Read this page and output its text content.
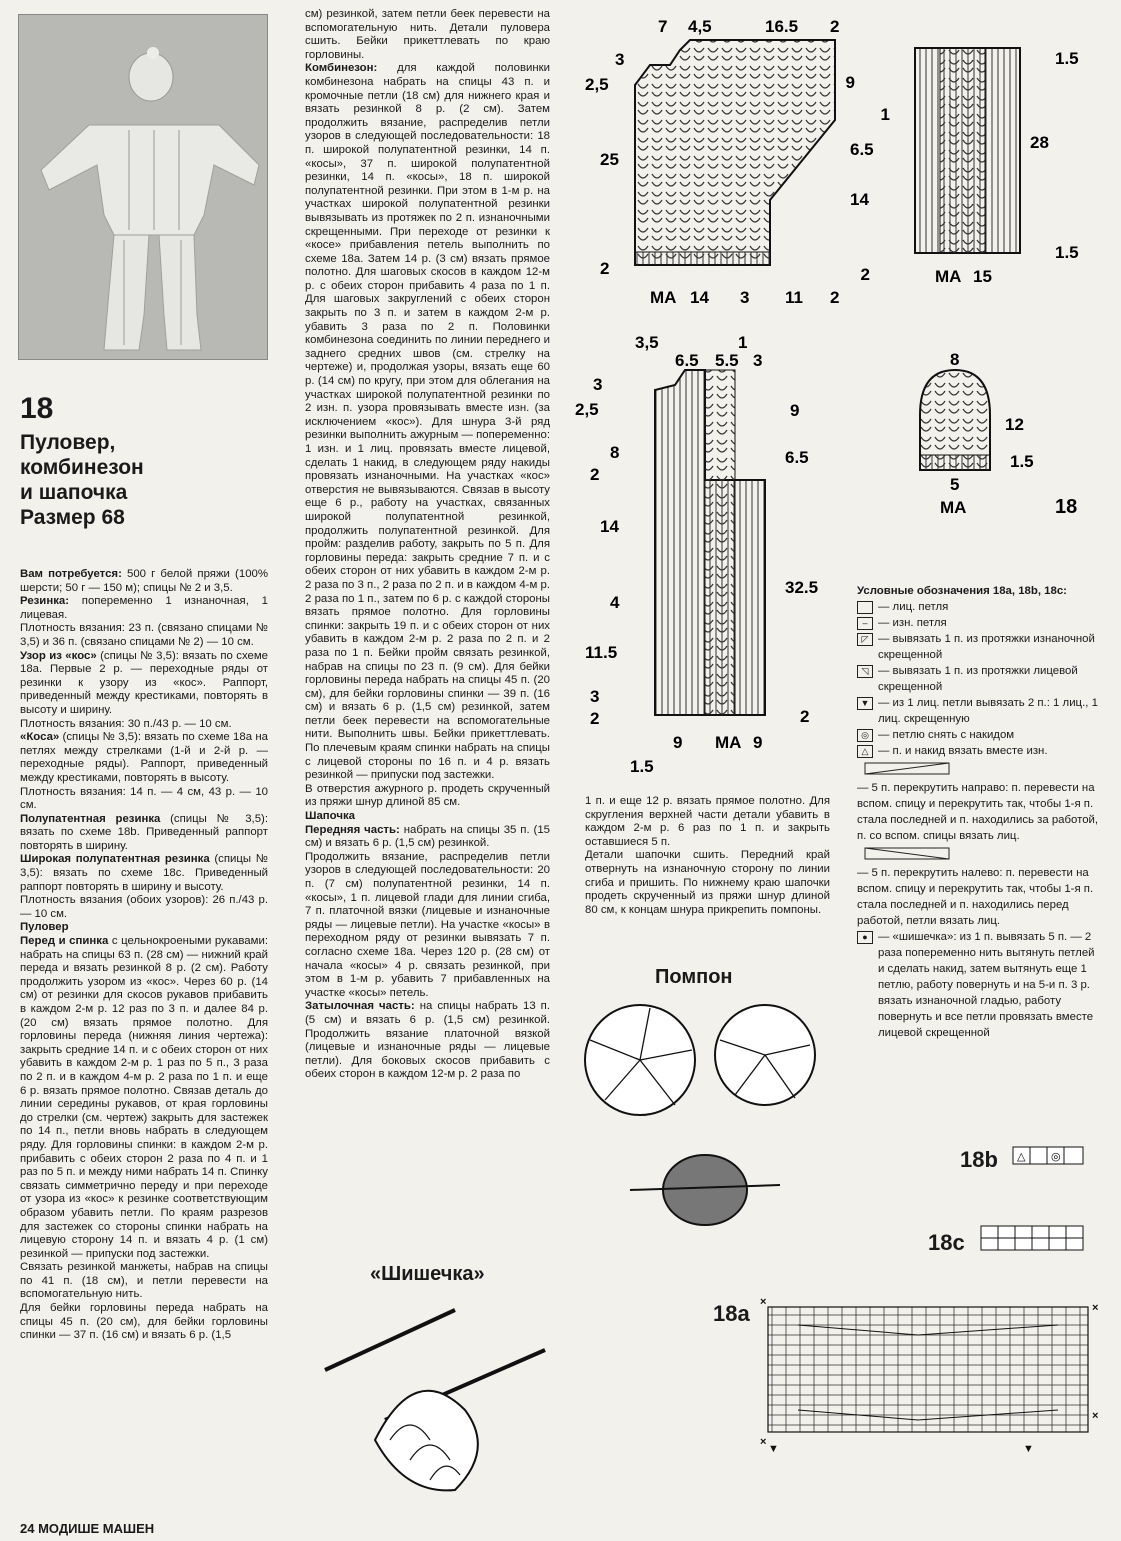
18
Пуловер,
комбинезон
и шапочка
Размер 68

Вам потребуется: 500 г белой пряжи (100% шерсти; 50 г — 150 м); спицы № 2 и 3,5.

Резинка: попеременно 1 изнаночная, 1 лицевая.

Плотность вязания: 23 п. (связано спицами № 3,5) и 36 п. (связано спицами № 2) — 10 см.

Узор из «кос» (спицы № 3,5): вязать по схеме 18а. Первые 2 р. — переходные ряды от резинки к узору из «кос». Раппорт, приведенный между крестиками, повторять в высоту и ширину.

Плотность вязания: 30 п./43 р. — 10 см.

«Коса» (спицы № 3,5): вязать по схеме 18а на петлях между стрелками (1-й и 2-й р. — переходные ряды). Раппорт, приведенный между крестиками, повторять в высоту.

Плотность вязания: 14 п. — 4 см, 43 р. — 10 см.

Полупатентная резинка (спицы № 3,5): вязать по схеме 18b. Приведенный раппорт повторять в ширину.

Широкая полупатентная резинка (спицы № 3,5): вязать по схеме 18с. Приведенный раппорт повторять в ширину и высоту.

Плотность вязания (обоих узоров): 26 п./43 р. — 10 см.

Пуловер

Перед и спинка с цельнокроеными рукавами: набрать на спицы 63 п. (28 см) — нижний край переда и вязать резинкой 8 р. (2 см). Работу продолжить узором из «кос». Через 60 р. (14 см) от резинки для скосов рукавов прибавить в каждом 2-м р. 12 раз по 3 п. и далее 84 р. (20 см) вязать прямое полотно. Для горловины переда (нижняя линия чертежа): закрыть средние 14 п. и с обеих сторон от них убавить в каждом 2-м р. 1 раз по 5 п., 3 раза по 2 п. и в каждом 4-м р. 2 раза по 1 п. и еще 6 р. вязать прямое полотно. Связав деталь до линии середины рукавов, от края горловины до стрелки (см. чертеж) закрыть для застежек по 14 п., петли вновь набрать в следующем ряду. Для горловины спинки: в каждом 2-м р. прибавить с обеих сторон 2 раза по 4 п. и 1 раз по 5 п. и между ними набрать 14 п. Спинку связать симметрично переду и при переходе от узора из «кос» к резинке соответствующим образом убавить петли. По краям разрезов для застежек со стороны спинки набрать на лицевую сторону 14 п. и вязать 4 р. (1 см) резинкой — припуски под застежки.

Связать резинкой манжеты, набрав на спицы по 41 п. (18 см), и петли перевести на вспомогательную нить.

Для бейки горловины переда набрать на спицы 45 п. (20 см), для бейки горловины спинки — 37 п. (16 см) и вязать 6 р. (1,5

см) резинкой, затем петли беек перевести на вспомогательную нить. Детали пуловера сшить. Бейки прикеттлевать по краю горловины.

Комбинезон: для каждой половинки комбинезона набрать на спицы 43 п. и кромочные петли (18 см) для нижнего края и вязать резинкой 8 р. (2 см). Затем продолжить вязание, распределив петли узоров в следующей последовательности: 18 п. широкой полупатентной резинки, 14 п. «косы», 37 п. широкой полупатентной резинки, 14 п. «косы», 18 п. широкой полупатентной резинки. При этом в 1-м р. на участках широкой полупатентной резинки вывязывать из протяжек по 2 п. изнаночными скрещенными. При переходе от резинки к «косе» прибавления петель выполнить по схеме 18а. Затем 14 р. (3 см) вязать прямое полотно. Для шаговых скосов в каждом 12-м р. с обеих сторон прибавить 4 раза по 1 п. Для шаговых закруглений с обеих сторон закрыть по 3 п. и затем в каждом 2-м р. убавить 3 раза по 2 п. Половинки комбинезона соединить по линии переднего и заднего средних швов (см. стрелку на чертеже) и, продолжая узоры, вязать еще 60 р. (14 см) по кругу, при этом для облегания на участках широкой полупатентной резинки по 2 изн. п. узора провязывать вместе изн. (за исключением «кос»). Для шнура 3-й ряд резинки выполнить ажурным — попеременно: 1 изн. и 1 лиц. провязать вместе лицевой, сделать 1 накид, в следующем ряду накиды провязать изнаночными. На участках «кос» отверстия не вывязываются. Связав в высоту еще 6 р., работу на участках, связанных широкой полупатентной резинкой, продолжить полупатентной резинкой. Для пройм: разделив работу, закрыть по 5 п. Для горловины переда: закрыть средние 7 п. и с обеих сторон от них убавить в каждом 2-м р. 2 раза по 3 п., 2 раза по 2 п. и в каждом 4-м р. 2 раза по 1 п., затем по 6 р. с каждой стороны вязать прямое полотно. Для горловины спинки: закрыть 19 п. и с обеих сторон от них убавить в каждом 2-м р. 2 раза по 2 п. и 2 раза по 1 п. Бейки пройм связать резинкой, набрав на спицы по 23 п. (9 см). Для бейки горловины переда набрать на спицы 45 п. (20 см), для бейки горловины спинки — 39 п. (16 см) и вязать 6 р. (1,5 см) резинкой, затем петли беек перевести на вспомогательные нити. Выполнить швы. Бейки прикеттлевать. По плечевым краям спинки набрать на спицы с лицевой стороны по 16 п. и 4 р. вязать резинкой — припуски под застежки.

В отверстия ажурного р. продеть скрученный из пряжи шнур длиной 85 см.

Шапочка

Передняя часть: набрать на спицы 35 п. (15 см) и вязать 6 р. (1,5 см) резинкой.

Продолжить вязание, распределив петли узоров в следующей последовательности: 20 п. (7 см) полупатентной резинки, 14 п. «косы», 1 п. лицевой глади для линии сгиба, 7 п. платочной вязки (лицевые и изнаночные ряды — лицевые петли). На участке «косы» в переходном ряду от резинки вывязать 7 п. согласно схеме 18а. Через 120 р. (28 см) от начала «косы» 4 р. связать резинкой, при этом в 1-м р. убавить 7 прибавленных на участке «косы» петель.

Затылочная часть: на спицы набрать 13 п. (5 см) и вязать 6 р. (1,5 см) резинкой. Продолжить вязание платочной вязкой (лицевые и изнаночные ряды — лицевые петли). Для боковых скосов прибавить с обеих сторон в каждом 12-м р. 2 раза по

1 п. и еще 12 р. вязать прямое полотно. Для скругления верхней части детали убавить в каждом 2-м р. 6 раз по 1 п. и закрыть оставшиеся 5 п.

Детали шапочки сшить. Передний край отвернуть на изнаночную сторону по линии сгиба и пришить. По нижнему краю шапочки продеть скрученный из пряжи шнур длиной 80 см, к концам шнура прикрепить помпоны.

7 4,5	16.5 2
3
2,5
25
2
9
1
6.5
14
2
МА 14 3 11 2
1.5
28
1.5
МА 15
3,5	1
6.5 5.5 3
3
2,5
8
2
14
4
11.5
3
2
9
6.5
32.5
2
9 МА 9
1.5
8
12
1.5
5
МА	18
Условные обозначения 18а, 18b, 18с:
— лиц. петля
– — изн. петля
◸ — вывязать 1 п. из протяжки изнаночной скрещенной
◹ — вывязать 1 п. из протяжки лицевой скрещенной
▼ — из 1 лиц. петли вывязать 2 п.: 1 лиц., 1 лиц. скрещенную
◎ — петлю снять с накидом
△ — п. и накид вязать вместе изн.
— 5 п. перекрутить направо: п. перевести на вспом. спицу и перекрутить так, чтобы 1-я п. стала последней и п. находились за работой, п. со вспом. спицы вязать лиц.
— 5 п. перекрутить налево: п. перевести на вспом. спицу и перекрутить так, чтобы 1-я п. стала последней и п. находились перед работой, петли вязать лиц.
● — «шишечка»: из 1 п. вывязать 5 п. — 2 раза попеременно нить вытянуть петлей и сделать накид, затем вытянуть еще 1 петлю, работу повернуть и на 5-и п. 3 р. вязать изнаночной гладью, работу повернуть и все петли провязать вместе лицевой скрещенной
Помпон
«Шишечка»
18b △ ◎
18c
18a ×	×
×
×
▼	▼
24 МОДИШЕ МАШЕН
